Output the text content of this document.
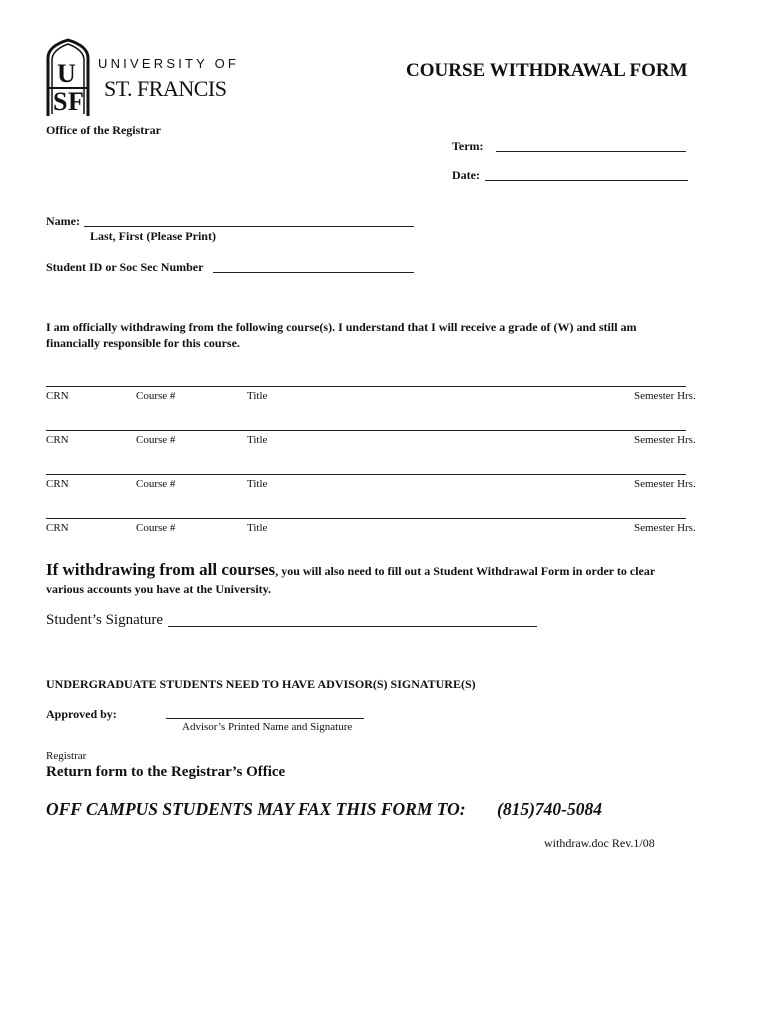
U
S F
UNIVERSITY OF
ST. FRANCIS
COURSE WITHDRAWAL FORM
Office of the Registrar
Term:
Date:
Name:
Last, First (Please Print)
Student ID or Soc Sec Number
I am officially withdrawing from the following course(s). I understand that I will receive a grade of (W) and still am
financially responsible for this course.
CRN	Course #	Title	Semester Hrs.
CRN	Course #	Title	Semester Hrs.
CRN	Course #	Title	Semester Hrs.
CRN	Course #	Title	Semester Hrs.
If withdrawing from all courses, you will also need to fill out a Student Withdrawal Form in order to clear
various accounts you have at the University.
Student’s Signature
UNDERGRADUATE STUDENTS NEED TO HAVE ADVISOR(S) SIGNATURE(S)
Approved by:
Advisor’s Printed Name and Signature
Registrar
Return form to the Registrar’s Office
OFF CAMPUS STUDENTS MAY FAX THIS FORM TO: (815)740-5084
withdraw.doc Rev.1/08
